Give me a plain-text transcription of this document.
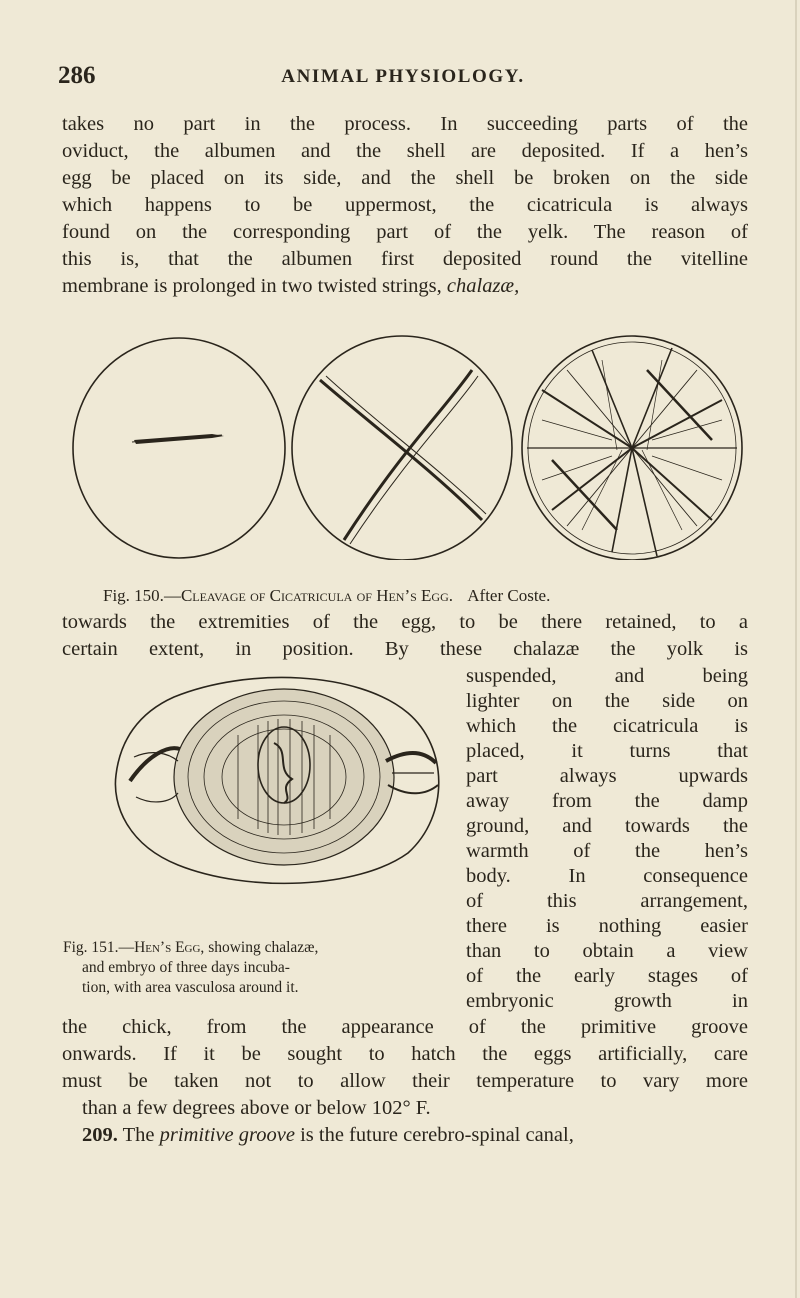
286	ANIMAL PHYSIOLOGY.
takes no part in the process. In succeeding parts of the
oviduct, the albumen and the shell are deposited. If a hen’s
egg be placed on its side, and the shell be broken on the side
which happens to be uppermost, the cicatricula is always
found on the corresponding part of the yelk. The reason of
this is, that the albumen first deposited round the vitelline
membrane is prolonged in two twisted strings, chalazæ,
Fig. 150.—Cleavage of Cicatricula of Hen’s Egg. After Coste.
towards the extremities of the egg, to be there retained, to a
certain extent, in position. By these chalazæ the yolk is
suspended, and being
lighter on the side on
which the cicatricula is
placed, it turns that
part always upwards
away from the damp
ground, and towards the
warmth of the hen’s
body. In consequence
of this arrangement,
there is nothing easier
than to obtain a view
of the early stages of
embryonic growth in
Fig. 151.—Hen’s Egg, showing chalazæ,
and embryo of three days incuba-
tion, with area vasculosa around it.
the chick, from the appearance of the primitive groove
onwards. If it be sought to hatch the eggs artificially, care
must be taken not to allow their temperature to vary more
than a few degrees above or below 102° F.
209. The primitive groove is the future cerebro-spinal canal,
